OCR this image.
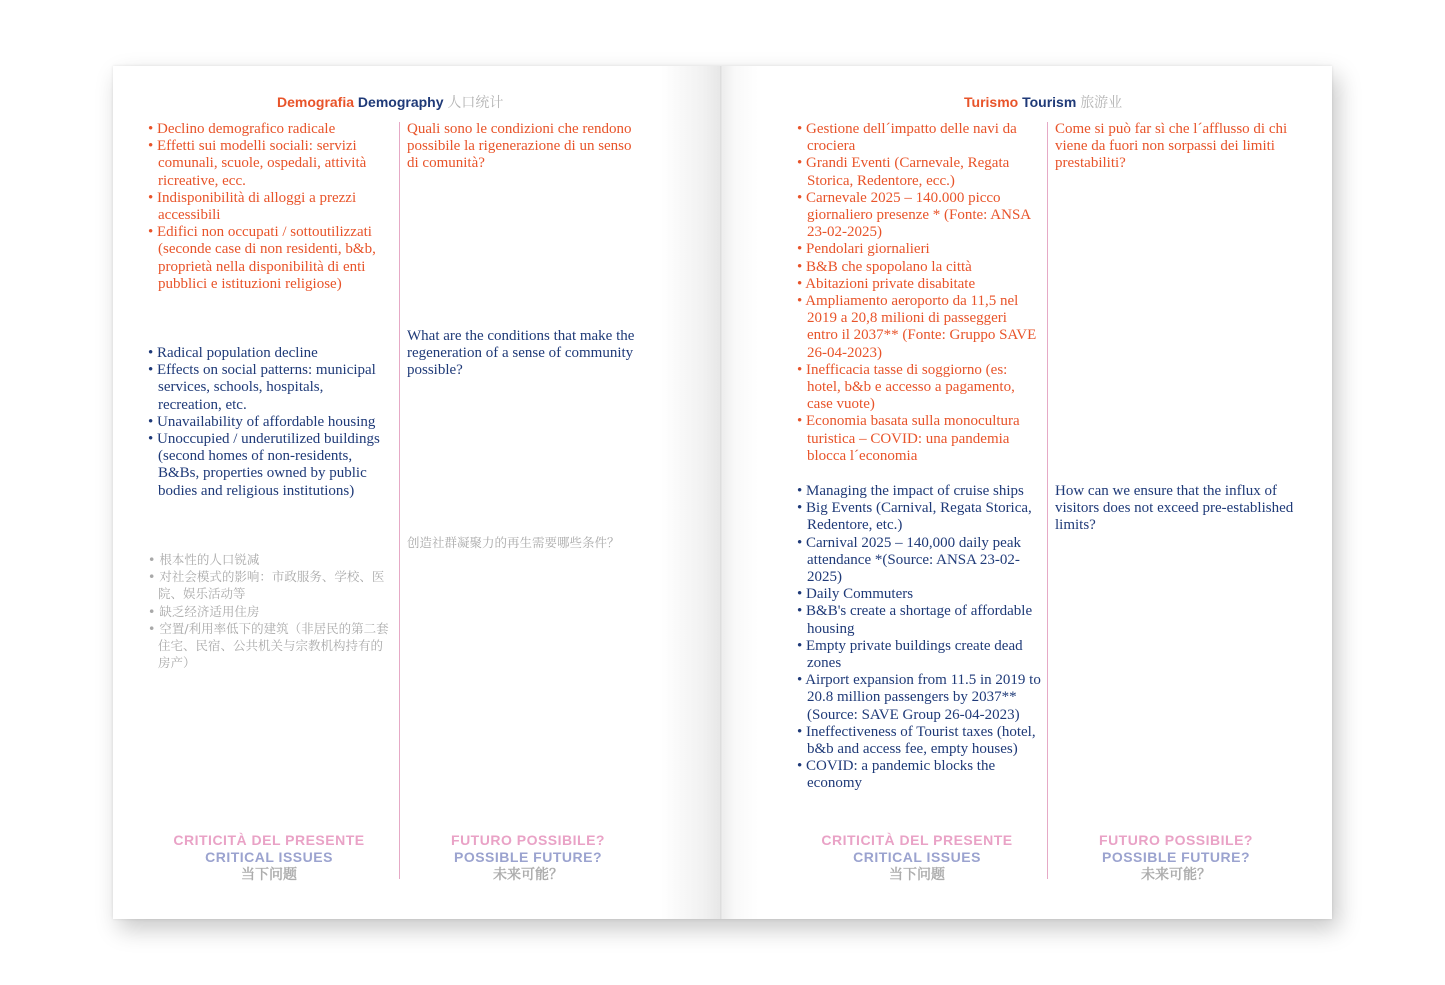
Demografia Demography 人口统计
• Declino demografico radicale
• Effetti sui modelli sociali: servizi comunali, scuole, ospedali, attività ricreative, ecc.
• Indisponibilità di alloggi a prezzi accessibili
• Edifici non occupati / sottoutilizzati (seconde case di non residenti, b&b, proprietà nella disponibilità di enti pubblici e istituzioni religiose)
• Radical population decline
• Effects on social patterns: municipal services, schools, hospitals, recreation, etc.
• Unavailability of affordable housing
• Unoccupied / underutilized buildings (second homes of non-residents, B&Bs, properties owned by public bodies and religious institutions)
• 根本性的人口锐减
• 对社会模式的影响：市政服务、学校、医院、娱乐活动等
• 缺乏经济适用住房
• 空置/利用率低下的建筑（非居民的第二套住宅、民宿、公共机关与宗教机构持有的房产）

Quali sono le condizioni che rendono possibile la rigenerazione di un senso di comunità?

What are the conditions that make the regeneration of a sense of community possible?

创造社群凝聚力的再生需要哪些条件？

CRITICITÀ DEL PRESENTE
CRITICAL ISSUES
当下问题
FUTURO POSSIBILE?
POSSIBLE FUTURE?
未来可能？
Turismo Tourism 旅游业
• Gestione dell´impatto delle navi da crociera
• Grandi Eventi (Carnevale, Regata Storica, Redentore, ecc.)
• Carnevale 2025 – 140.000 picco giornaliero presenze * (Fonte: ANSA 23-02-2025)
• Pendolari giornalieri
• B&B che spopolano la città
• Abitazioni private disabitate
• Ampliamento aeroporto da 11,5 nel 2019 a 20,8 milioni di passeggeri entro il 2037** (Fonte: Gruppo SAVE 26-04-2023)
• Inefficacia tasse di soggiorno (es: hotel, b&b e accesso a pagamento, case vuote)
• Economia basata sulla monocultura turistica – COVID: una pandemia blocca l´economia
• Managing the impact of cruise ships
• Big Events (Carnival, Regata Storica, Redentore, etc.)
• Carnival 2025 – 140,000 daily peak attendance *(Source: ANSA 23-02-2025)
• Daily Commuters
• B&B's create a shortage of affordable housing
• Empty private buildings create dead zones
• Airport expansion from 11.5 in 2019 to 20.8 million passengers by 2037**(Source: SAVE Group 26-04-2023)
• Ineffectiveness of Tourist taxes (hotel, b&b and access fee, empty houses)
• COVID: a pandemic blocks the economy

Come si può far sì che l´afflusso di chi viene da fuori non sorpassi dei limiti prestabiliti?

How can we ensure that the influx of visitors does not exceed pre-established limits?

CRITICITÀ DEL PRESENTE
CRITICAL ISSUES
当下问题
FUTURO POSSIBILE?
POSSIBLE FUTURE?
未来可能？
